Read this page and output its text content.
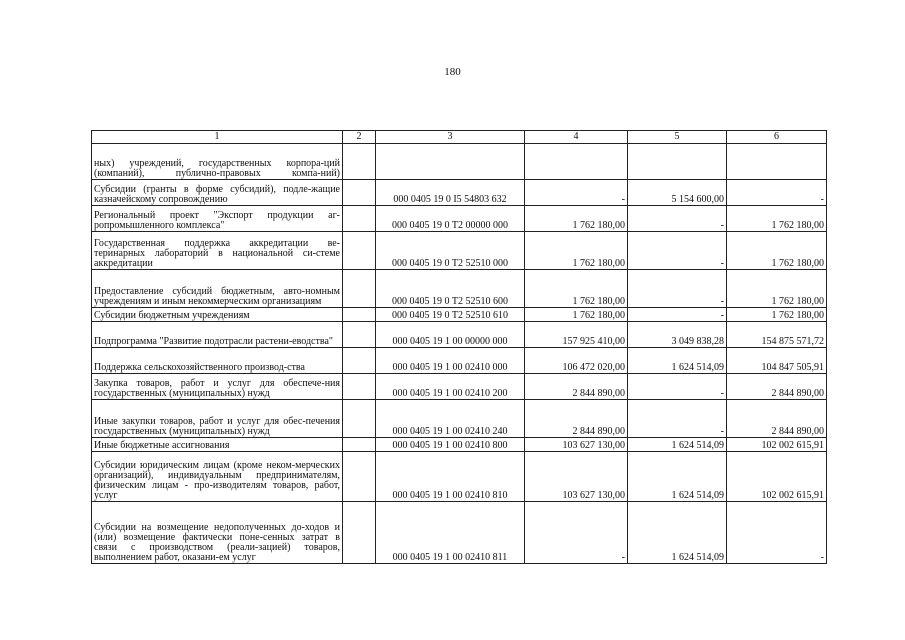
180
1	2	3	4	5	6
ных) учреждений, государственных корпора-ций (компаний), публично-правовых компа-ний)					
Субсидии (гранты в форме субсидий), подле-жащие казначейскому сопровождению		000 0405 19 0 I5 54803 632	-	5 154 600,00	-
Региональный проект "Экспорт продукции аг-ропромышленного комплекса"		000 0405 19 0 T2 00000 000	1 762 180,00	-	1 762 180,00
Государственная поддержка аккредитации ве-теринарных лабораторий в национальной си-стеме аккредитации		000 0405 19 0 T2 52510 000	1 762 180,00	-	1 762 180,00
Предоставление субсидий бюджетным, авто-номным учреждениям и иным некоммерческим организациям		000 0405 19 0 T2 52510 600	1 762 180,00	-	1 762 180,00
Субсидии бюджетным учреждениям		000 0405 19 0 T2 52510 610	1 762 180,00	-	1 762 180,00
Подпрограмма "Развитие подотрасли растени-еводства"		000 0405 19 1 00 00000 000	157 925 410,00	3 049 838,28	154 875 571,72
Поддержка сельскохозяйственного производ-ства		000 0405 19 1 00 02410 000	106 472 020,00	1 624 514,09	104 847 505,91
Закупка товаров, работ и услуг для обеспече-ния государственных (муниципальных) нужд		000 0405 19 1 00 02410 200	2 844 890,00	-	2 844 890,00
Иные закупки товаров, работ и услуг для обес-печения государственных (муниципальных) нужд		000 0405 19 1 00 02410 240	2 844 890,00	-	2 844 890,00
Иные бюджетные ассигнования		000 0405 19 1 00 02410 800	103 627 130,00	1 624 514,09	102 002 615,91
Субсидии юридическим лицам (кроме неком-мерческих организаций), индивидуальным предпринимателям, физическим лицам - про-изводителям товаров, работ, услуг		000 0405 19 1 00 02410 810	103 627 130,00	1 624 514,09	102 002 615,91
Субсидии на возмещение недополученных до-ходов и (или) возмещение фактически поне-сенных затрат в связи с производством (реали-зацией) товаров, выполнением работ, оказани-ем услуг		000 0405 19 1 00 02410 811	-	1 624 514,09	-
